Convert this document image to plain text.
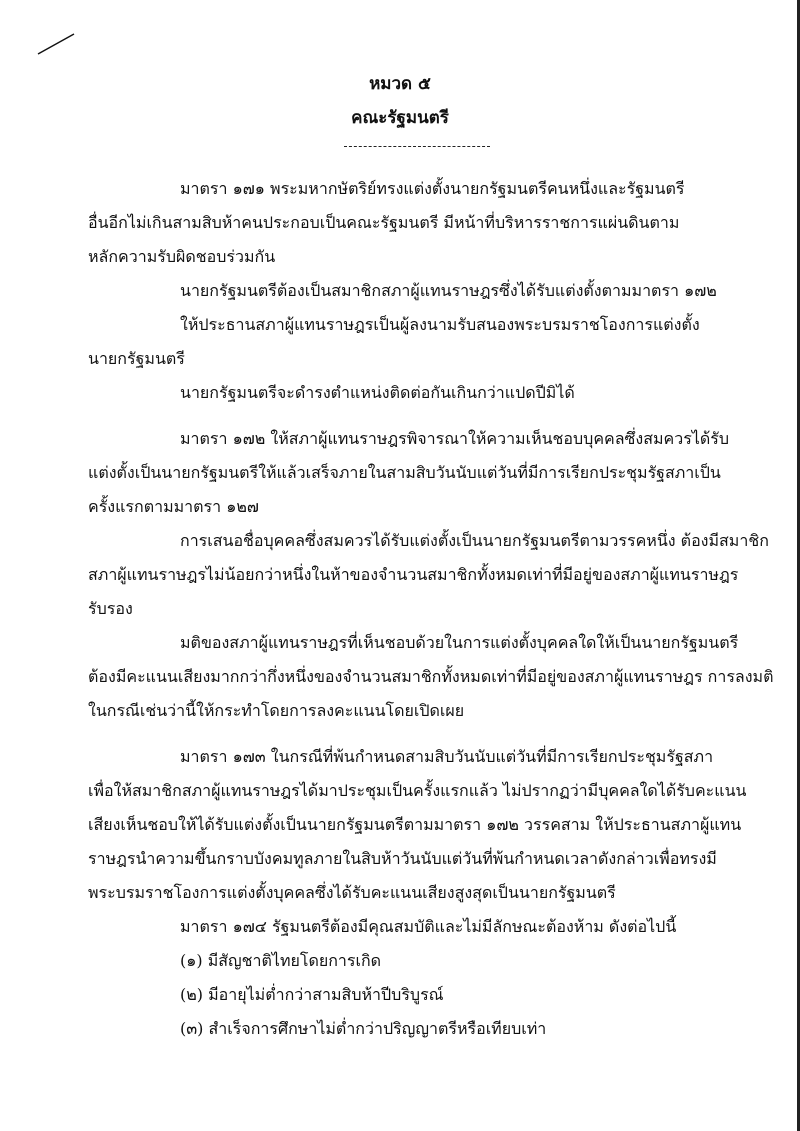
หมวด ๕
คณะรัฐมนตรี
มาตรา ๑๗๑ พระมหากษัตริย์ทรงแต่งตั้งนายกรัฐมนตรีคนหนึ่งและรัฐมนตรี
อื่นอีกไม่เกินสามสิบห้าคนประกอบเป็นคณะรัฐมนตรี มีหน้าที่บริหารราชการแผ่นดินตาม
หลักความรับผิดชอบร่วมกัน
นายกรัฐมนตรีต้องเป็นสมาชิกสภาผู้แทนราษฎรซึ่งได้รับแต่งตั้งตามมาตรา ๑๗๒
ให้ประธานสภาผู้แทนราษฎรเป็นผู้ลงนามรับสนองพระบรมราชโองการแต่งตั้ง
นายกรัฐมนตรี
นายกรัฐมนตรีจะดำรงตำแหน่งติดต่อกันเกินกว่าแปดปีมิได้
มาตรา ๑๗๒ ให้สภาผู้แทนราษฎรพิจารณาให้ความเห็นชอบบุคคลซึ่งสมควรได้รับ
แต่งตั้งเป็นนายกรัฐมนตรีให้แล้วเสร็จภายในสามสิบวันนับแต่วันที่มีการเรียกประชุมรัฐสภาเป็น
ครั้งแรกตามมาตรา ๑๒๗
การเสนอชื่อบุคคลซึ่งสมควรได้รับแต่งตั้งเป็นนายกรัฐมนตรีตามวรรคหนึ่ง ต้องมีสมาชิก
สภาผู้แทนราษฎรไม่น้อยกว่าหนึ่งในห้าของจำนวนสมาชิกทั้งหมดเท่าที่มีอยู่ของสภาผู้แทนราษฎร
รับรอง
มติของสภาผู้แทนราษฎรที่เห็นชอบด้วยในการแต่งตั้งบุคคลใดให้เป็นนายกรัฐมนตรี
ต้องมีคะแนนเสียงมากกว่ากึ่งหนึ่งของจำนวนสมาชิกทั้งหมดเท่าที่มีอยู่ของสภาผู้แทนราษฎร การลงมติ
ในกรณีเช่นว่านี้ให้กระทำโดยการลงคะแนนโดยเปิดเผย
มาตรา ๑๗๓ ในกรณีที่พ้นกำหนดสามสิบวันนับแต่วันที่มีการเรียกประชุมรัฐสภา
เพื่อให้สมาชิกสภาผู้แทนราษฎรได้มาประชุมเป็นครั้งแรกแล้ว ไม่ปรากฏว่ามีบุคคลใดได้รับคะแนน
เสียงเห็นชอบให้ได้รับแต่งตั้งเป็นนายกรัฐมนตรีตามมาตรา ๑๗๒ วรรคสาม ให้ประธานสภาผู้แทน
ราษฎรนำความขึ้นกราบบังคมทูลภายในสิบห้าวันนับแต่วันที่พ้นกำหนดเวลาดังกล่าวเพื่อทรงมี
พระบรมราชโองการแต่งตั้งบุคคลซึ่งได้รับคะแนนเสียงสูงสุดเป็นนายกรัฐมนตรี
มาตรา ๑๗๔ รัฐมนตรีต้องมีคุณสมบัติและไม่มีลักษณะต้องห้าม ดังต่อไปนี้
(๑) มีสัญชาติไทยโดยการเกิด
(๒) มีอายุไม่ต่ำกว่าสามสิบห้าปีบริบูรณ์
(๓) สำเร็จการศึกษาไม่ต่ำกว่าปริญญาตรีหรือเทียบเท่า
